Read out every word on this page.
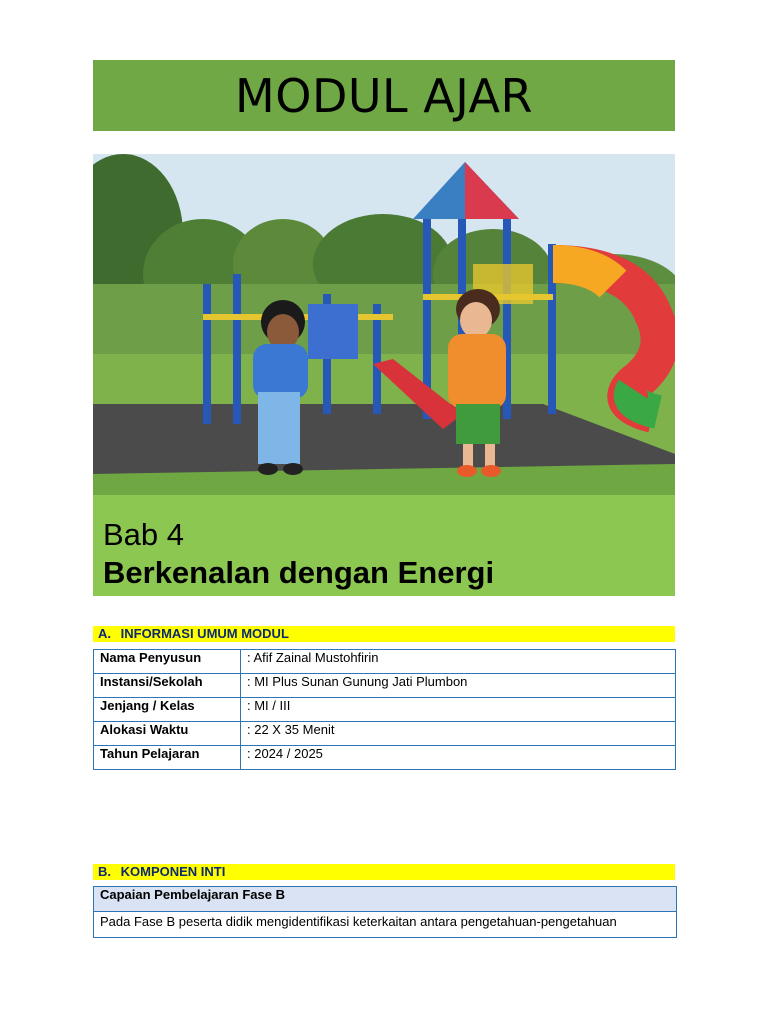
MODUL AJAR
Bab 4
Berkenalan dengan Energi
A. INFORMASI UMUM MODUL
Nama Penyusun	: Afif Zainal Mustohfirin
Instansi/Sekolah	: MI Plus Sunan Gunung Jati Plumbon
Jenjang / Kelas	: MI / III
Alokasi Waktu	: 22 X 35 Menit
Tahun Pelajaran	: 2024 / 2025
B. KOMPONEN INTI
Capaian Pembelajaran Fase B
Pada Fase B peserta didik mengidentifikasi keterkaitan antara pengetahuan-pengetahuan
